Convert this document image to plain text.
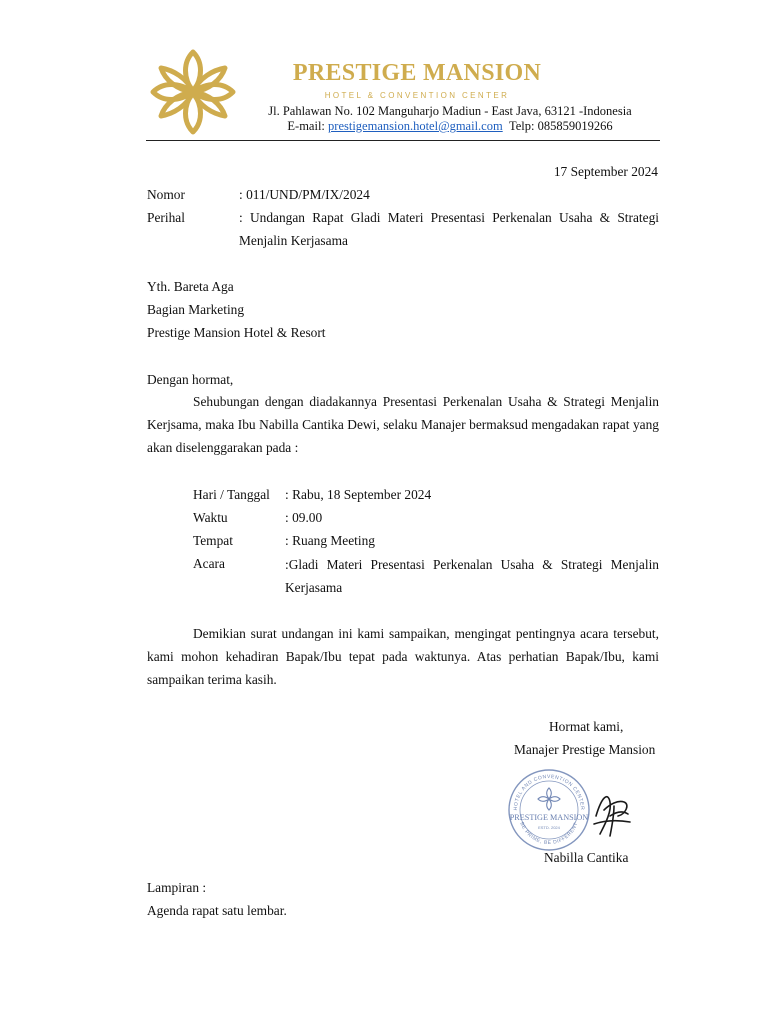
PRESTIGE MANSION
HOTEL & CONVENTION CENTER
Jl. Pahlawan No. 102 Manguharjo Madiun - East Java, 63121 -Indonesia
E-mail: prestigemansion.hotel@gmail.com Telp: 085859019266
17 September 2024
Nomor	: 011/UND/PM/IX/2024
Perihal	: Undangan Rapat Gladi Materi Presentasi Perkenalan Usaha & Strategi
Menjalin Kerjasama
Yth. Bareta Aga
Bagian Marketing
Prestige Mansion Hotel & Resort
Dengan hormat,
Sehubungan dengan diadakannya Presentasi Perkenalan Usaha & Strategi Menjalin Kerjsama, maka Ibu Nabilla Cantika Dewi, selaku Manajer bermaksud mengadakan rapat yang akan diselenggarakan pada :
Hari / Tanggal : Rabu, 18 September 2024
Waktu	: 09.00
Tempat	: Ruang Meeting
Acara	:Gladi Materi Presentasi Perkenalan Usaha & Strategi Menjalin Kerjasama
Demikian surat undangan ini kami sampaikan, mengingat pentingnya acara tersebut, kami mohon kehadiran Bapak/Ibu tepat pada waktunya. Atas perhatian Bapak/Ibu, kami sampaikan terima kasih.
Hormat kami,
Manajer Prestige Mansion
HOTEL AND CONVENTION CENTER
BE PRIME, BE DIFFERENT
PRESTIGE MANSION
ESTD. 2024
Nabilla Cantika
Lampiran :
Agenda rapat satu lembar.
